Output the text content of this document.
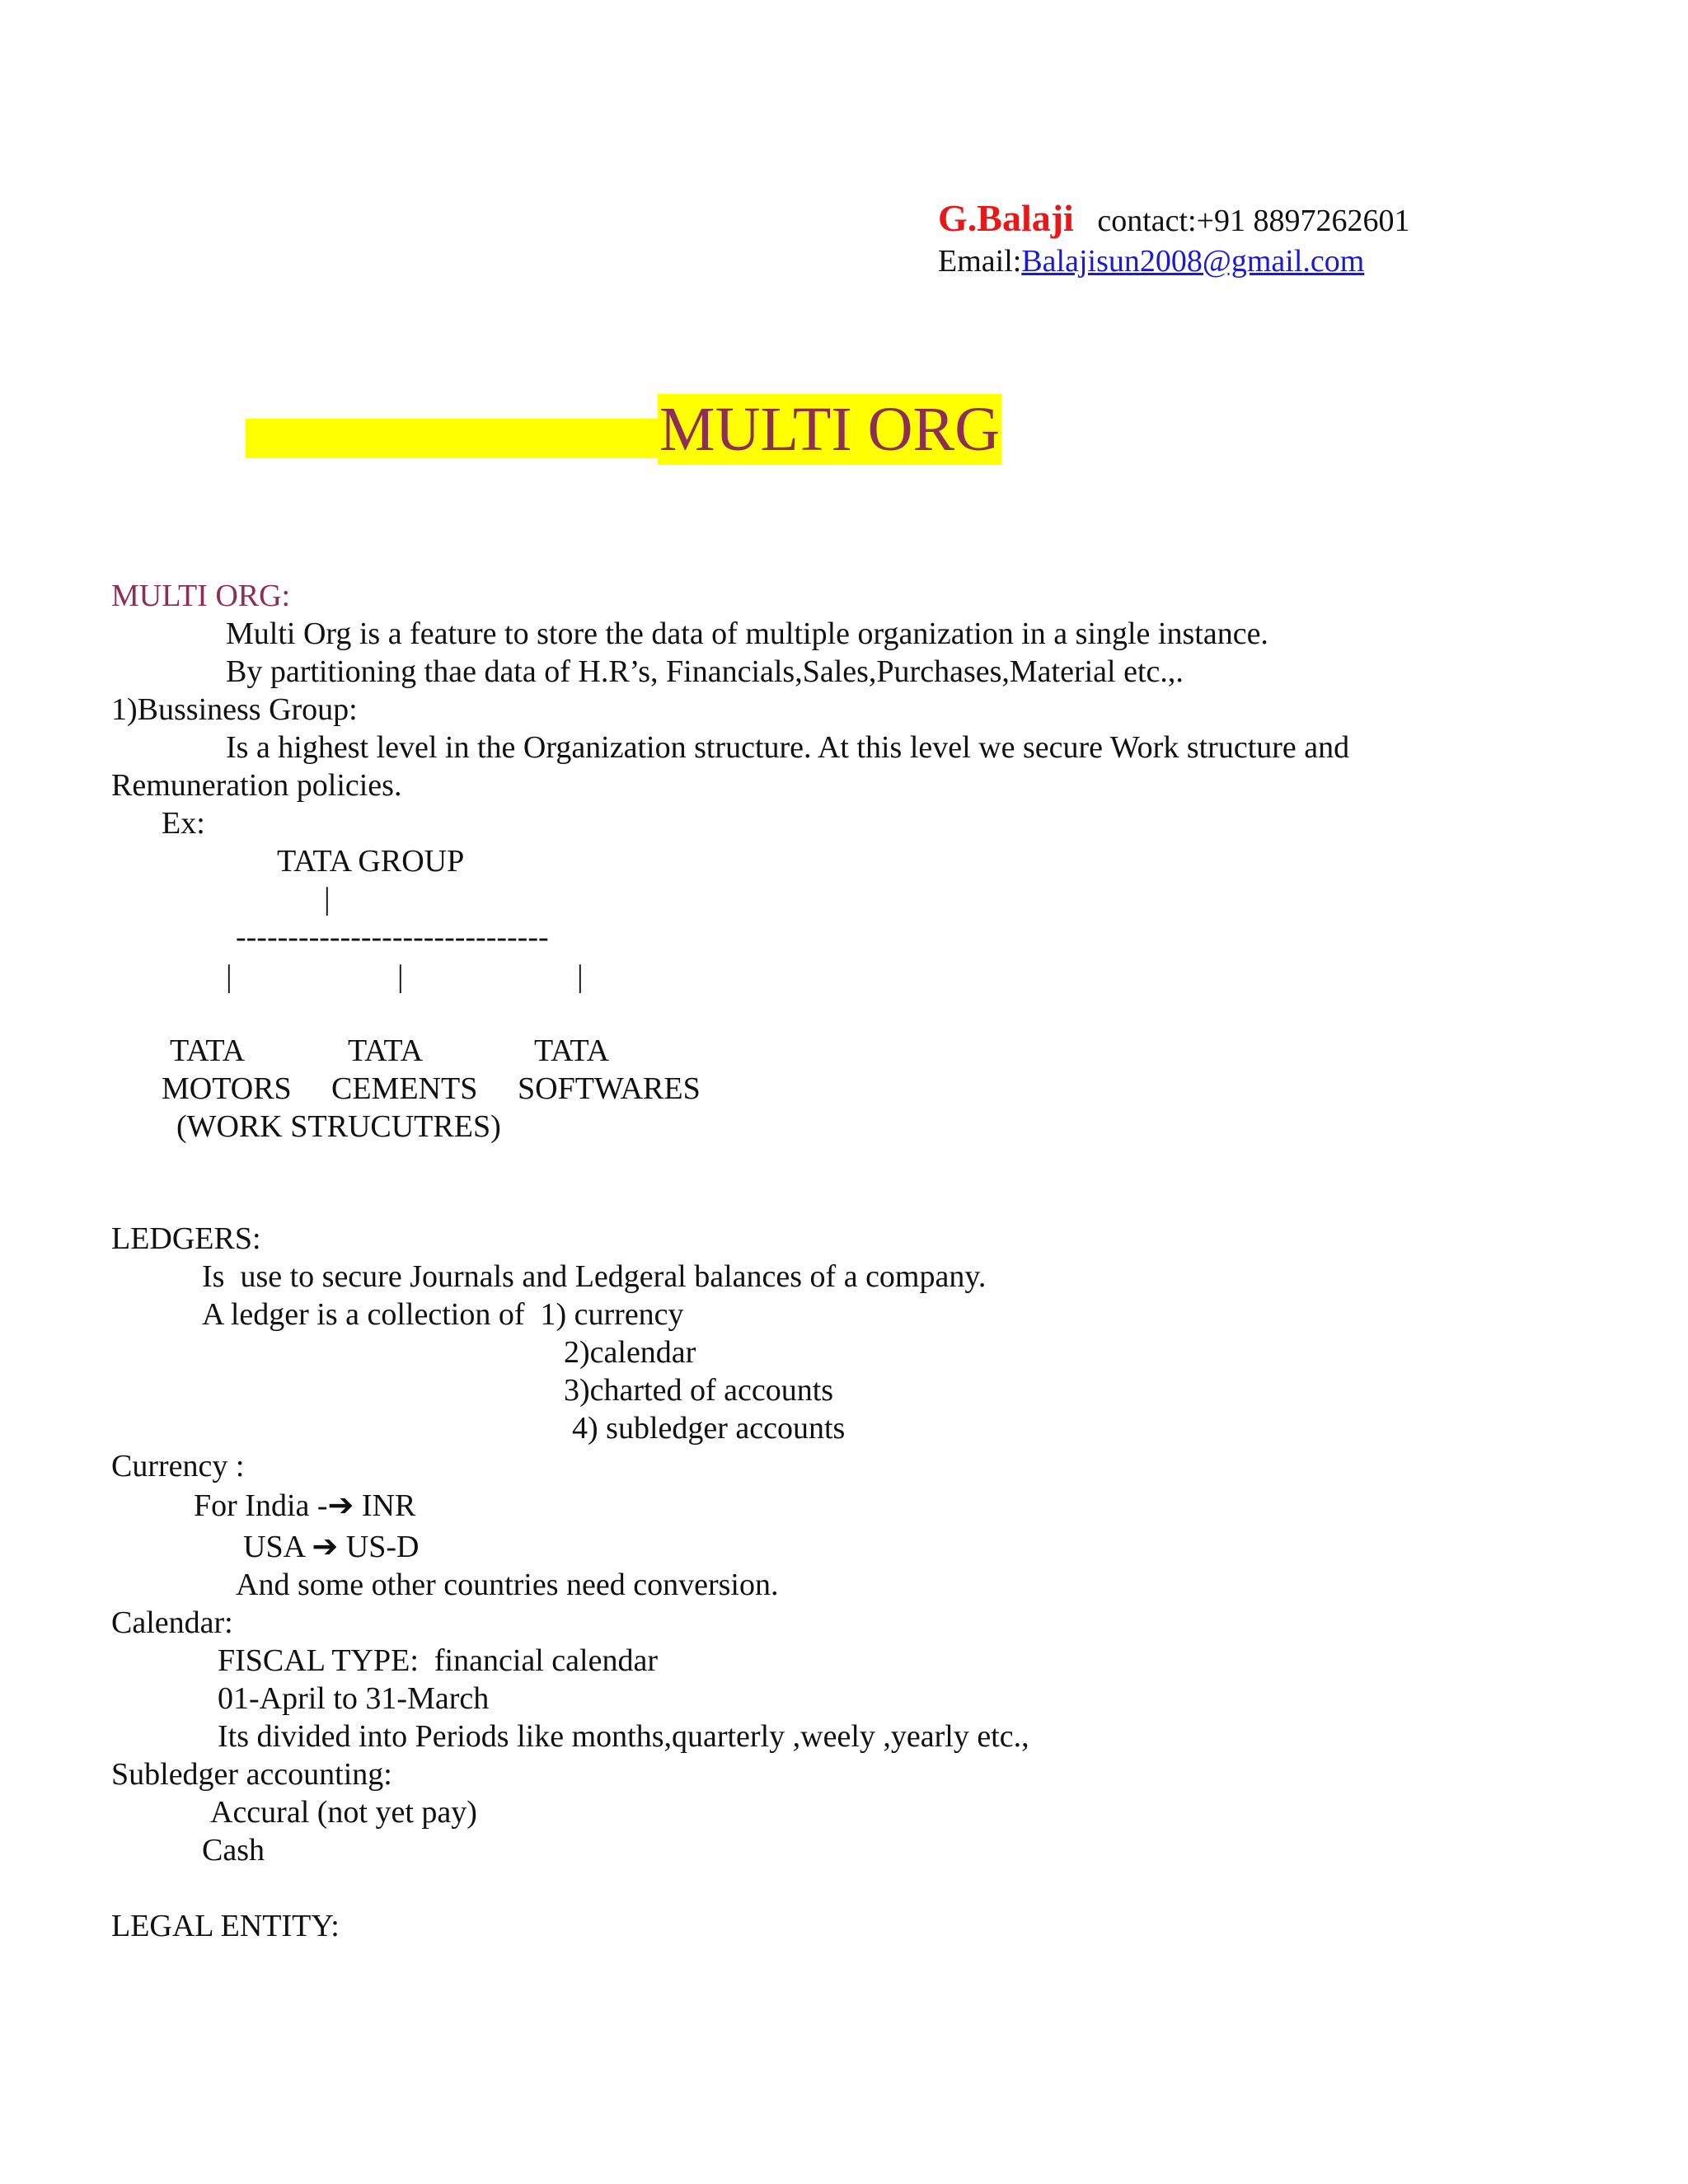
G.Balaji contact:+91 8897262601
Email:Balajisun2008@gmail.com
MULTI ORG
MULTI ORG:
Multi Org is a feature to store the data of multiple organization in a single instance.
By partitioning thae data of H.R’s, Financials,Sales,Purchases,Material etc.,.
1)Bussiness Group:
Is a highest level in the Organization structure. At this level we secure Work structure and
Remuneration policies.
Ex:
TATA GROUP
|
------------------------------
|	|	|
TATA	TATA	TATA
MOTORS CEMENTS SOFTWARES
(WORK STRUCUTRES)
LEDGERS:
Is  use to secure Journals and Ledgeral balances of a company.
A ledger is a collection of  1) currency
2)calendar
3)charted of accounts
4) subledger accounts
Currency :
For India -➔ INR
USA ➔ US-D
And some other countries need conversion.
Calendar:
FISCAL TYPE:  financial calendar
01-April to 31-March
Its divided into Periods like months,quarterly ,weely ,yearly etc.,
Subledger accounting:
Accural (not yet pay)
Cash
LEGAL ENTITY:
